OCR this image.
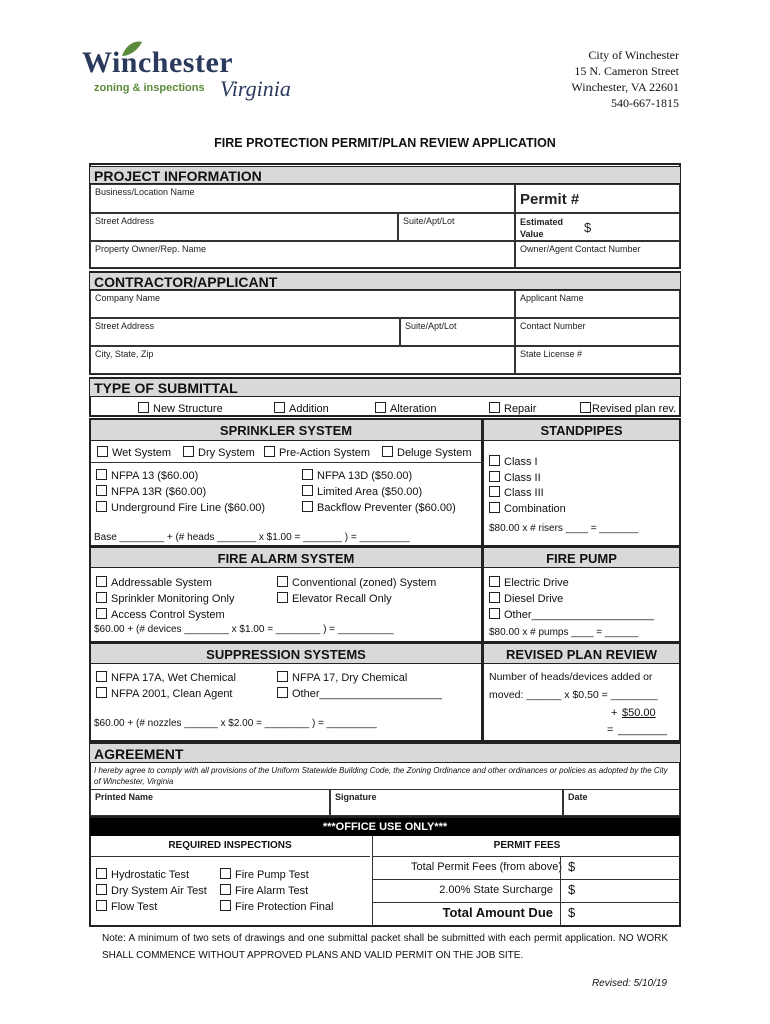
Winchester
zoning & inspections Virginia
City of Winchester
15 N. Cameron Street
Winchester, VA 22601
540-667-1815
FIRE PROTECTION PERMIT/PLAN REVIEW APPLICATION
PROJECT INFORMATION
Business/Location Name	Permit #
Street Address	Suite/Apt/Lot	Estimated Value	$
Property Owner/Rep. Name	Owner/Agent Contact Number
CONTRACTOR/APPLICANT
Company Name	Applicant Name
Street Address	Suite/Apt/Lot	Contact Number
City, State, Zip	State License #
TYPE OF SUBMITTAL
New Structure	Addition	Alteration	Repair	Revised plan rev.
SPRINKLER SYSTEM	STANDPIPES
Wet System	Dry System	Pre-Action System	Deluge System
NFPA 13 ($60.00)
NFPA 13R ($60.00)
Underground Fire Line ($60.00)
NFPA 13D ($50.00)
Limited Area ($50.00)
Backflow Preventer ($60.00)
Base ________ + (# heads _______ x $1.00 = _______ ) = _________
Class I
Class II
Class III
Combination
$80.00 x # risers ____ = _______
FIRE ALARM SYSTEM	FIRE PUMP
Addressable System
Sprinkler Monitoring Only
Access Control System
Conventional (zoned) System
Elevator Recall Only
$60.00 + (# devices ________ x $1.00 = ________ ) = __________
Electric Drive
Diesel Drive
Other____________________
$80.00 x # pumps ____ = ______
SUPPRESSION SYSTEMS	REVISED PLAN REVIEW
NFPA 17A, Wet Chemical
NFPA 2001, Clean Agent
NFPA 17, Dry Chemical
Other____________________
$60.00 + (# nozzles ______ x $2.00 = ________ ) = _________
Number of heads/devices added or
moved: ______ x $0.50 = ________
+ $50.00
= ________
AGREEMENT
I hereby agree to comply with all provisions of the Uniform Statewide Building Code, the Zoning Ordinance and other ordinances or policies as adopted by the City of Winchester, Virginia
Printed Name	Signature	Date
***OFFICE USE ONLY***
REQUIRED INSPECTIONS	PERMIT FEES
Hydrostatic Test
Dry System Air Test
Flow Test
Fire Pump Test
Fire Alarm Test
Fire Protection Final
Total Permit Fees (from above) $
2.00% State Surcharge $
Total Amount Due $
Note: A minimum of two sets of drawings and one submittal packet shall be submitted with each permit application. NO WORK SHALL COMMENCE WITHOUT APPROVED PLANS AND VALID PERMIT ON THE JOB SITE.
Revised: 5/10/19
